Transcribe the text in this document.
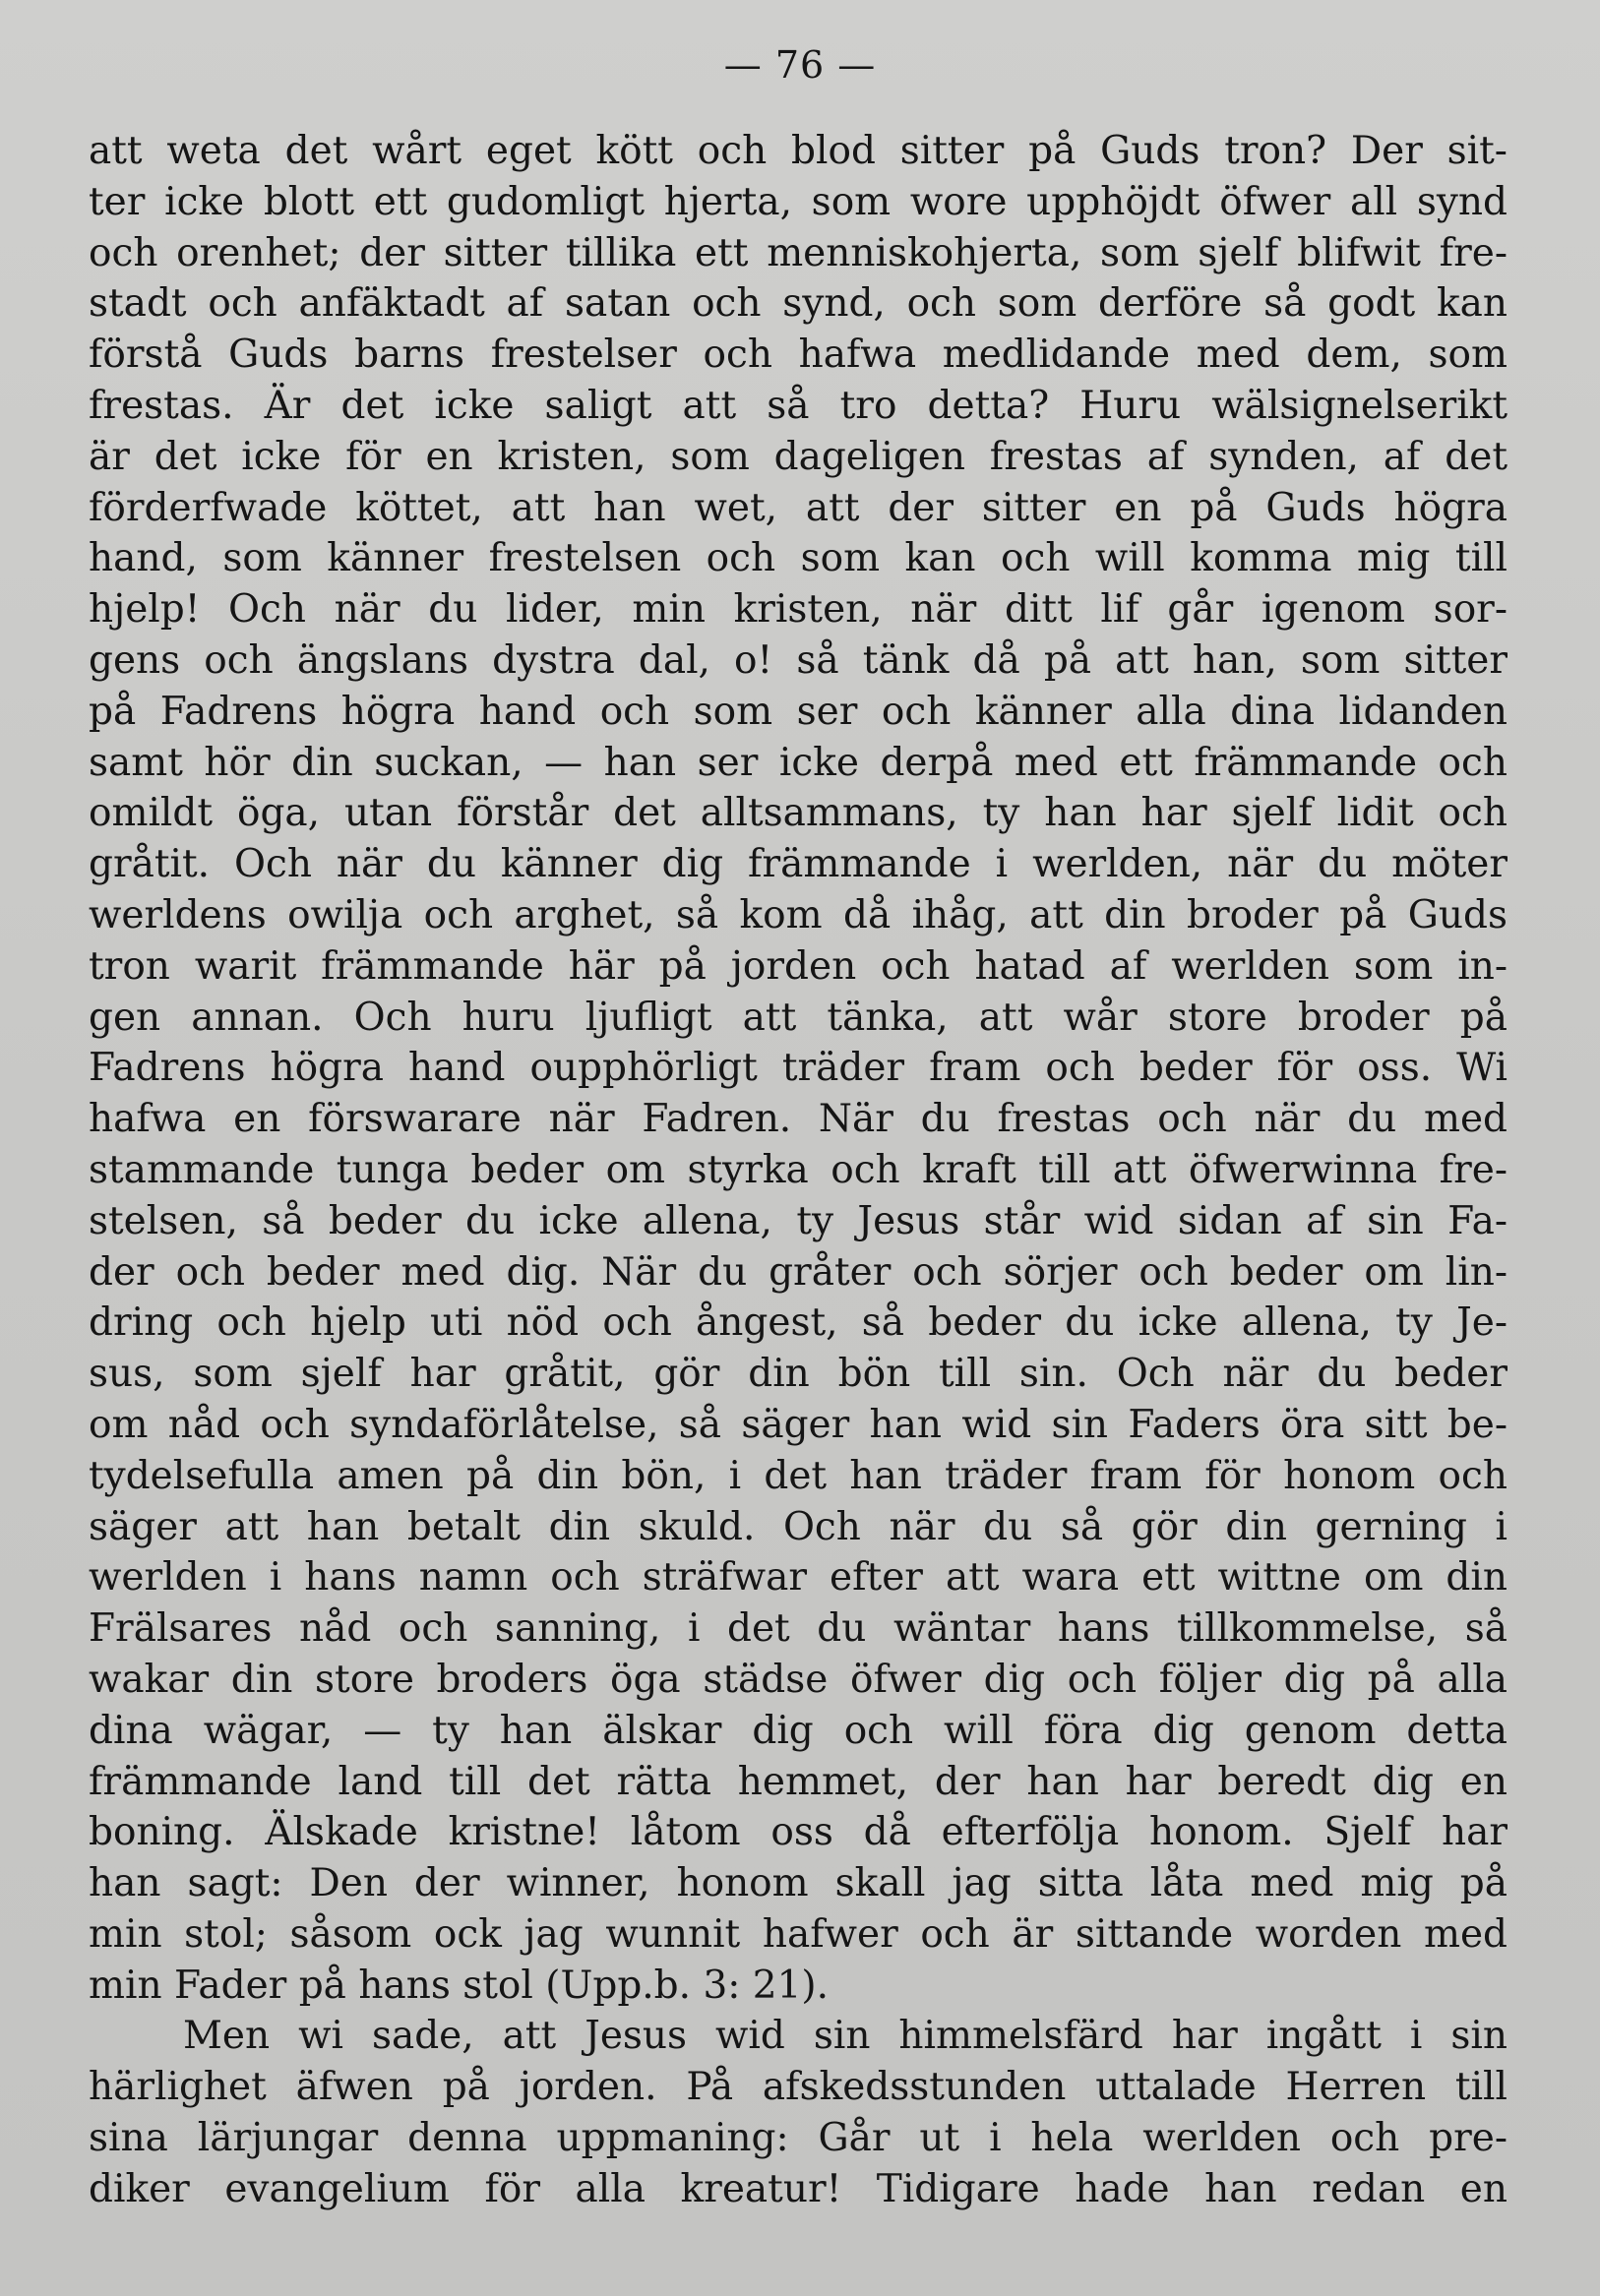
— 76 —
att weta det wårt eget kött och blod sitter på Guds tron? Der sit-
ter icke blott ett gudomligt hjerta, som wore upphöjdt öfwer all synd
och orenhet; der sitter tillika ett menniskohjerta, som sjelf blifwit fre-
stadt och anfäktadt af satan och synd, och som derföre så godt kan
förstå Guds barns frestelser och hafwa medlidande med dem, som
frestas. Är det icke saligt att så tro detta? Huru wälsignelserikt
är det icke för en kristen, som dageligen frestas af synden, af det
förderfwade köttet, att han wet, att der sitter en på Guds högra
hand, som känner frestelsen och som kan och will komma mig till
hjelp! Och när du lider, min kristen, när ditt lif går igenom sor-
gens och ängslans dystra dal, o! så tänk då på att han, som sitter
på Fadrens högra hand och som ser och känner alla dina lidanden
samt hör din suckan, — han ser icke derpå med ett främmande och
omildt öga, utan förstår det alltsammans, ty han har sjelf lidit och
gråtit. Och när du känner dig främmande i werlden, när du möter
werldens owilja och arghet, så kom då ihåg, att din broder på Guds
tron warit främmande här på jorden och hatad af werlden som in-
gen annan. Och huru ljufligt att tänka, att wår store broder på
Fadrens högra hand oupphörligt träder fram och beder för oss. Wi
hafwa en förswarare när Fadren. När du frestas och när du med
stammande tunga beder om styrka och kraft till att öfwerwinna fre-
stelsen, så beder du icke allena, ty Jesus står wid sidan af sin Fa-
der och beder med dig. När du gråter och sörjer och beder om lin-
dring och hjelp uti nöd och ångest, så beder du icke allena, ty Je-
sus, som sjelf har gråtit, gör din bön till sin. Och när du beder
om nåd och syndaförlåtelse, så säger han wid sin Faders öra sitt be-
tydelsefulla amen på din bön, i det han träder fram för honom och
säger att han betalt din skuld. Och när du så gör din gerning i
werlden i hans namn och sträfwar efter att wara ett wittne om din
Frälsares nåd och sanning, i det du wäntar hans tillkommelse, så
wakar din store broders öga städse öfwer dig och följer dig på alla
dina wägar, — ty han älskar dig och will föra dig genom detta
främmande land till det rätta hemmet, der han har beredt dig en
boning. Älskade kristne! låtom oss då efterfölja honom. Sjelf har
han sagt: Den der winner, honom skall jag sitta låta med mig på
min stol; såsom ock jag wunnit hafwer och är sittande worden med
min Fader på hans stol (Upp.b. 3: 21).
Men wi sade, att Jesus wid sin himmelsfärd har ingått i sin
härlighet äfwen på jorden. På afskedsstunden uttalade Herren till
sina lärjungar denna uppmaning: Går ut i hela werlden och pre-
diker evangelium för alla kreatur! Tidigare hade han redan en
